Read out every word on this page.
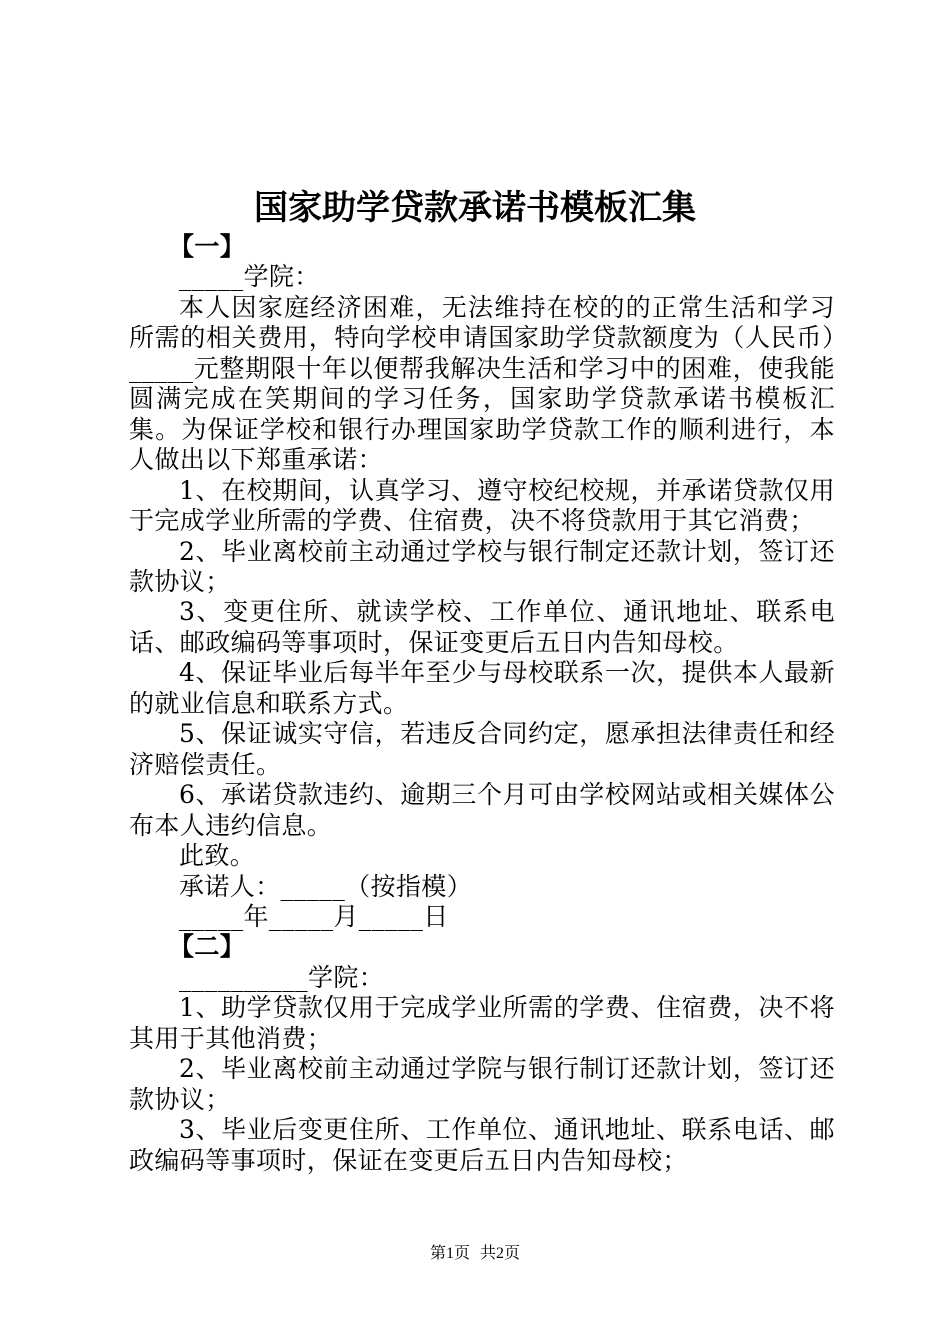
国家助学贷款承诺书模板汇集

【一】

_____学院：

本人因家庭经济困难，无法维持在校的的正常生活和学习所需的相关费用，特向学校申请国家助学贷款额度为（人民币）_____元整期限十年以便帮我解决生活和学习中的困难，使我能圆满完成在笑期间的学习任务，国家助学贷款承诺书模板汇集。为保证学校和银行办理国家助学贷款工作的顺利进行，本人做出以下郑重承诺：

1、在校期间，认真学习、遵守校纪校规，并承诺贷款仅用于完成学业所需的学费、住宿费，决不将贷款用于其它消费；

2、毕业离校前主动通过学校与银行制定还款计划，签订还款协议；

3、变更住所、就读学校、工作单位、通讯地址、联系电话、邮政编码等事项时，保证变更后五日内告知母校。

4、保证毕业后每半年至少与母校联系一次，提供本人最新的就业信息和联系方式。

5、保证诚实守信，若违反合同约定，愿承担法律责任和经济赔偿责任。

6、承诺贷款违约、逾期三个月可由学校网站或相关媒体公布本人违约信息。

此致。

承诺人：_____（按指模）

_____年_____月_____日

【二】

__________学院：

1、助学贷款仅用于完成学业所需的学费、住宿费，决不将其用于其他消费；

2、毕业离校前主动通过学院与银行制订还款计划，签订还款协议；

3、毕业后变更住所、工作单位、通讯地址、联系电话、邮政编码等事项时，保证在变更后五日内告知母校；

第1页 共2页
